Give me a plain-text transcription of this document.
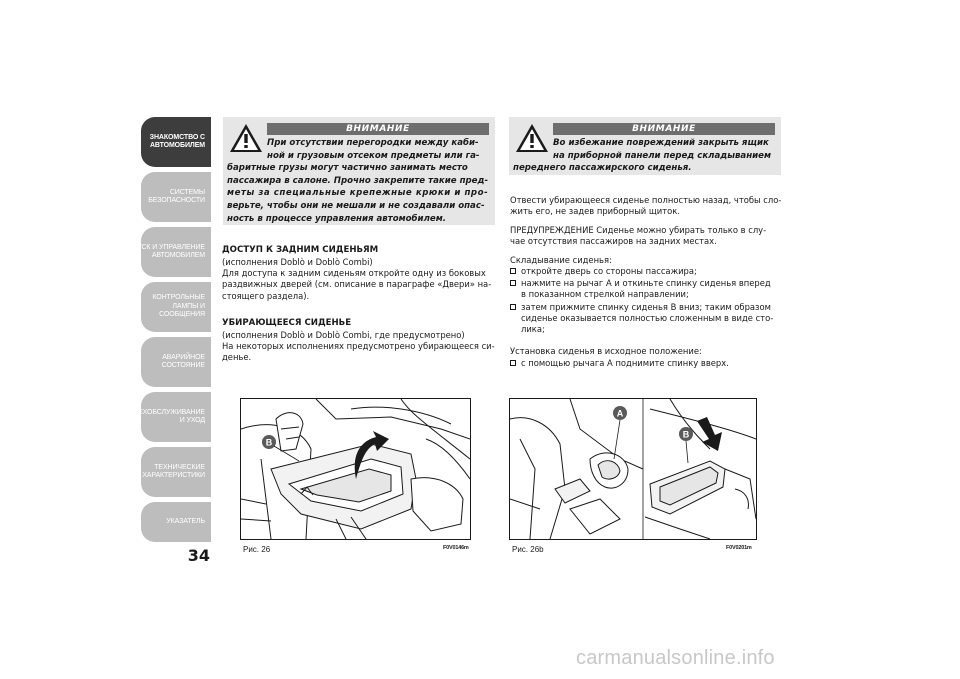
ЗНАКОМСТВО С
АВТОМОБИЛЕМ
СИСТЕМЫ
БЕЗОПАСНОСТИ
ПУСК И УПРАВЛЕНИЕ
АВТОМОБИЛЕМ
КОНТРОЛЬНЫЕ
ЛАМПЫ И
СООБЩЕНИЯ
АВАРИЙНОЕ
СОСТОЯНИЕ
ТЕХОБСЛУЖИВАНИЕ
И УХОД
ТЕХНИЧЕСКИЕ
ХАРАКТЕРИСТИКИ
УКАЗАТЕЛЬ
34
ВНИМАНИЕ
При отсутствии перегородки между каби-
ной и грузовым отсеком предметы или га-
баритные грузы могут частично занимать место
пассажира в салоне. Прочно закрепите такие пред-
меты за специальные крепежные крюки и про-
верьте, чтобы они не мешали и не создавали опас-
ность в процессе управления автомобилем.
ДОСТУП К ЗАДНИМ СИДЕНЬЯМ
(исполнения Doblò и Doblò Combi)
Для доступа к задним сиденьям откройте одну из боковых
раздвижных дверей (см. описание в параграфе «Двери» на-
стоящего раздела).
УБИРАЮЩЕЕСЯ СИДЕНЬЕ
(исполнения Doblò и Doblò Combi, где предусмотрено)
На некоторых исполнениях предусмотрено убирающееся си-
денье.
B
Рис. 26	F0V0146m
ВНИМАНИЕ
Во избежание повреждений закрыть ящик
на приборной панели перед складыванием
переднего пассажирского сиденья.
Отвести убирающееся сиденье полностью назад, чтобы сло-
жить его, не задев приборный щиток.
ПРЕДУПРЕЖДЕНИЕ Сиденье можно убирать только в слу-
чае отсутствия пассажиров на задних местах.
Складывание сиденья:
откройте дверь со стороны пассажира;
нажмите на рычаг А и откиньте спинку сиденья вперед
в показанном стрелкой направлении;
затем прижмите спинку сиденья В вниз; таким образом
сиденье оказывается полностью сложенным в виде сто-
лика;
Установка сиденья в исходное положение:
с помощью рычага А поднимите спинку вверх.
A
B
Рис. 26b	F0V0201m
carmanualsonline.info
